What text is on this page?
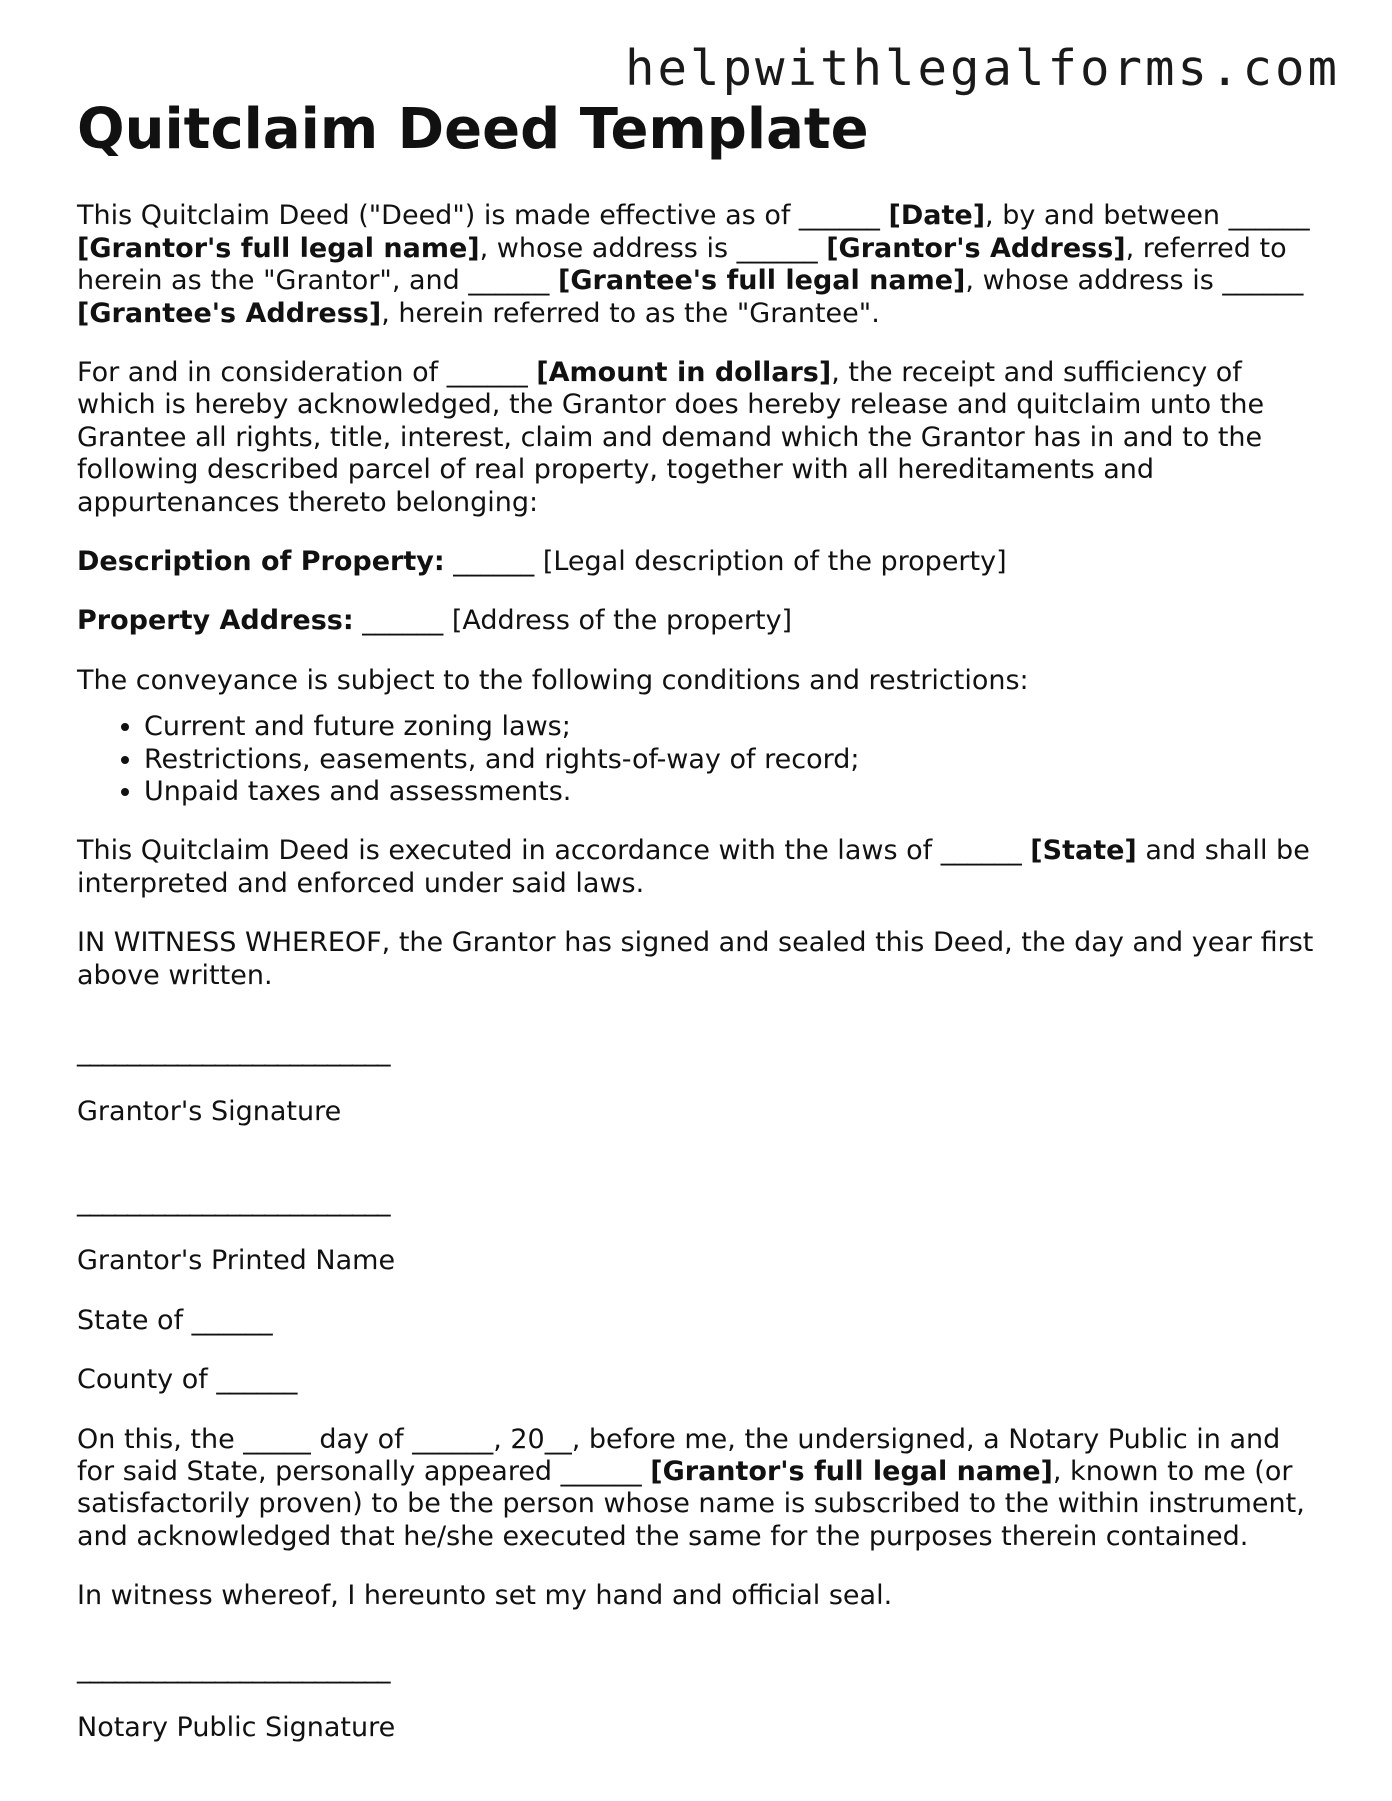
helpwithlegalforms.com
Quitclaim Deed Template

This Quitclaim Deed ("Deed") is made effective as of ______ [Date], by and between ______ [Grantor's full legal name], whose address is ______ [Grantor's Address], referred to herein as the "Grantor", and ______ [Grantee's full legal name], whose address is ______ [Grantee's Address], herein referred to as the "Grantee".

For and in consideration of ______ [Amount in dollars], the receipt and sufficiency of which is hereby acknowledged, the Grantor does hereby release and quitclaim unto the Grantee all rights, title, interest, claim and demand which the Grantor has in and to the following described parcel of real property, together with all hereditaments and appurtenances thereto belonging:

Description of Property: ______ [Legal description of the property]

Property Address: ______ [Address of the property]

The conveyance is subject to the following conditions and restrictions:

• Current and future zoning laws;
• Restrictions, easements, and rights-of-way of record;
• Unpaid taxes and assessments.

This Quitclaim Deed is executed in accordance with the laws of ______ [State] and shall be interpreted and enforced under said laws.

IN WITNESS WHEREOF, the Grantor has signed and sealed this Deed, the day and year first above written.

_________________________
Grantor's Signature
_________________________
Grantor's Printed Name

State of ______

County of ______

On this, the _____ day of ______, 20__, before me, the undersigned, a Notary Public in and for said State, personally appeared ______ [Grantor's full legal name], known to me (or satisfactorily proven) to be the person whose name is subscribed to the within instrument, and acknowledged that he/she executed the same for the purposes therein contained.

In witness whereof, I hereunto set my hand and official seal.

_________________________
Notary Public Signature
